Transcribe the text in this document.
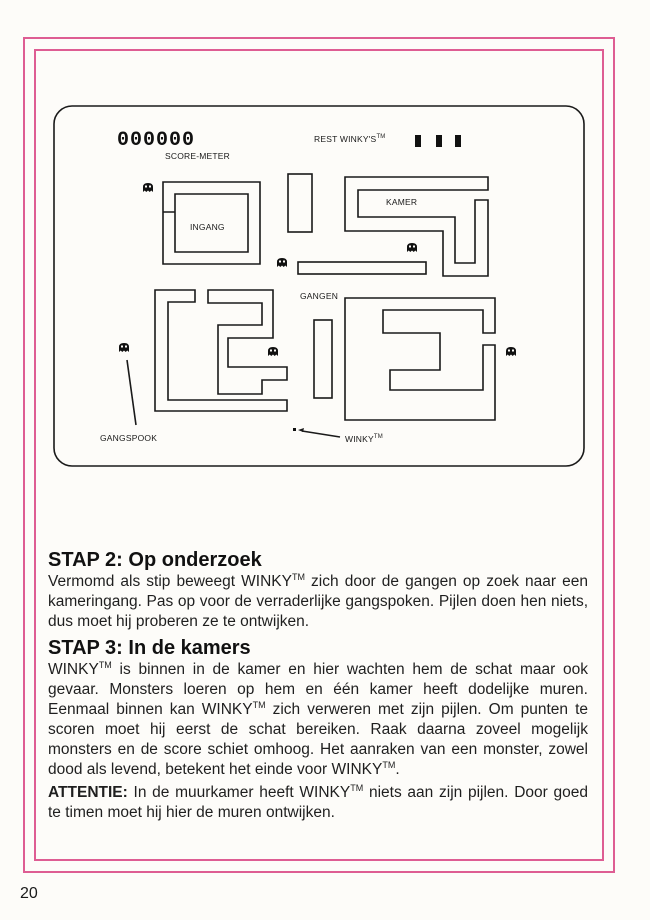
000000
SCORE-METER
REST WINKY'S™
INGANG
KAMER
GANGEN
GANGSPOOK	WINKY™
STAP 2: Op onderzoek

Vermomd als stip beweegt WINKY™ zich door de gangen op zoek naar een kameringang. Pas op voor de verraderlijke gangspoken. Pijlen doen hen niets, dus moet hij proberen ze te ontwijken.

STAP 3: In de kamers

WINKY™ is binnen in de kamer en hier wachten hem de schat maar ook gevaar. Monsters loeren op hem en één kamer heeft dodelijke muren. Eenmaal binnen kan WINKY™ zich verweren met zijn pijlen. Om punten te scoren moet hij eerst de schat bereiken. Raak daarna zoveel mogelijk monsters en de score schiet omhoog. Het aanraken van een monster, zowel dood als levend, betekent het einde voor WINKY™.

ATTENTIE: In de muurkamer heeft WINKY™ niets aan zijn pijlen. Door goed te timen moet hij hier de muren ontwijken.

20
